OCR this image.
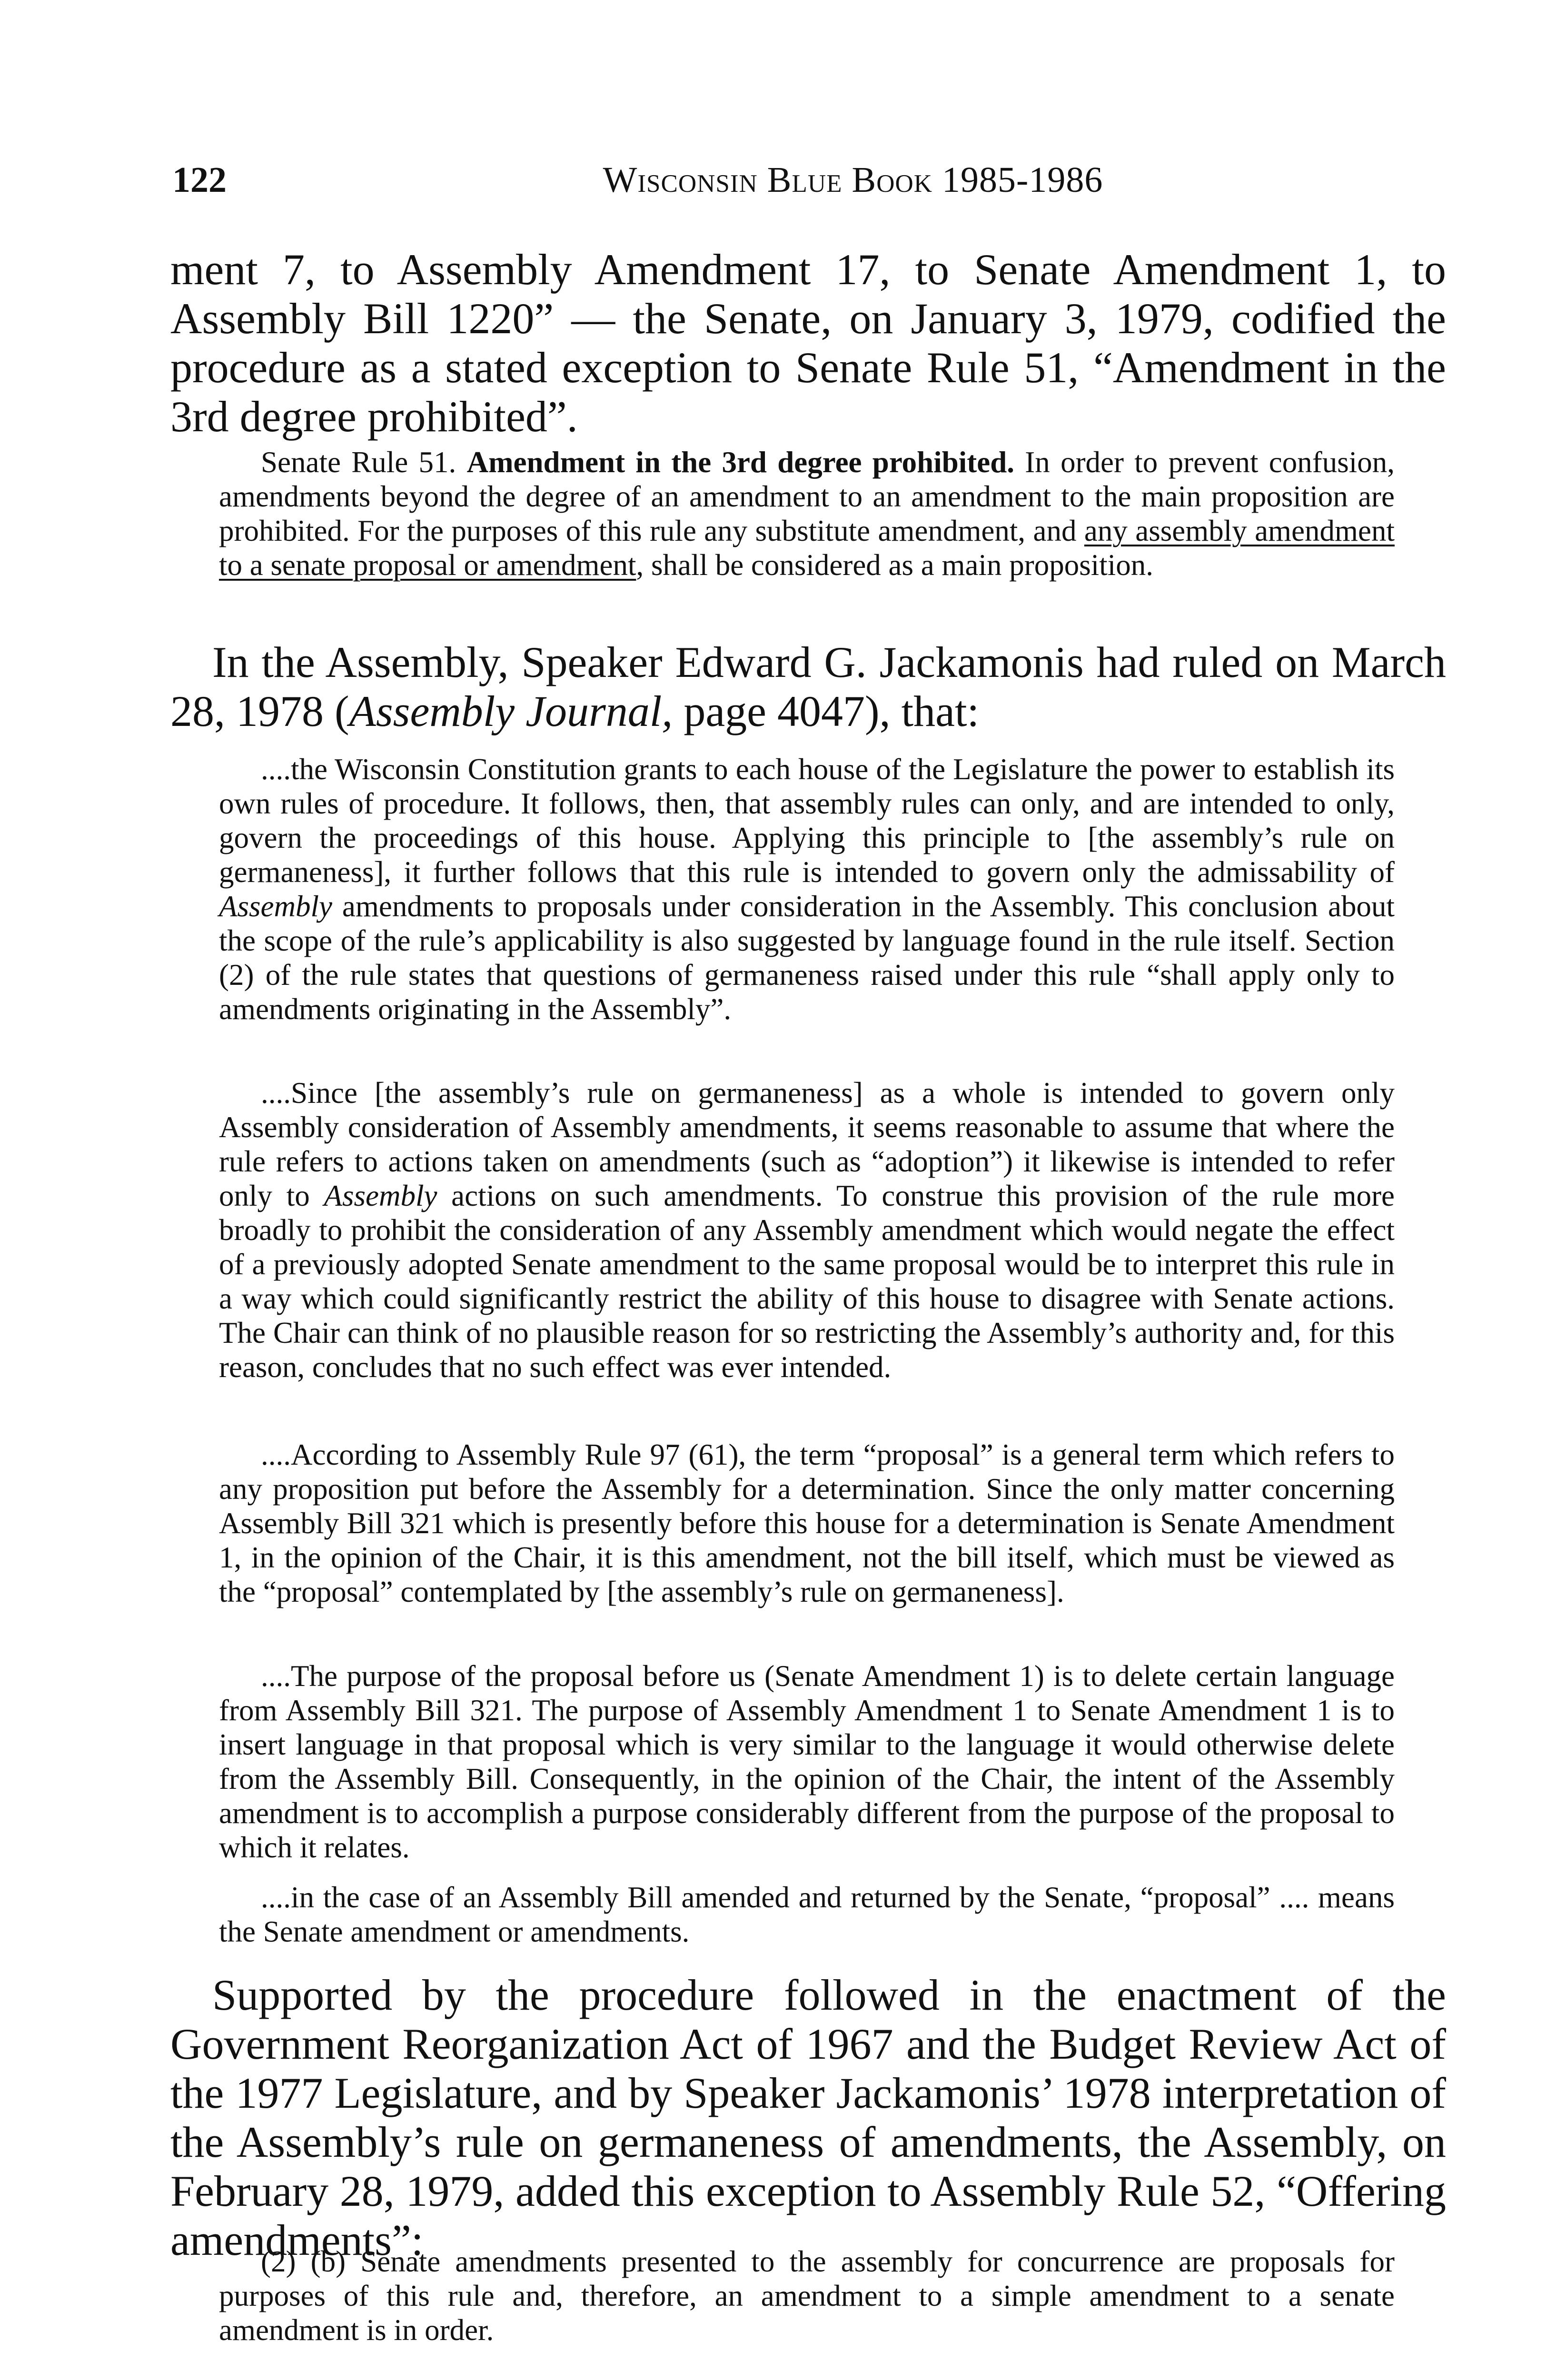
122	Wisconsin Blue Book 1985-1986

ment 7, to Assembly Amendment 17, to Senate Amendment 1, to Assembly Bill 1220” — the Senate, on January 3, 1979, codified the procedure as a stated exception to Senate Rule 51, “Amendment in the 3rd degree prohibited”.

Senate Rule 51. Amendment in the 3rd degree prohibited. In order to prevent confusion, amendments beyond the degree of an amendment to an amendment to the main proposition are prohibited. For the purposes of this rule any substitute amendment, and any assembly amendment to a senate proposal or amendment, shall be considered as a main proposition.

In the Assembly, Speaker Edward G. Jackamonis had ruled on March 28, 1978 (Assembly Journal, page 4047), that:

....the Wisconsin Constitution grants to each house of the Legislature the power to establish its own rules of procedure. It follows, then, that assembly rules can only, and are intended to only, govern the proceedings of this house. Applying this principle to [the assembly’s rule on germaneness], it further follows that this rule is intended to govern only the admissability of Assembly amendments to proposals under consideration in the Assembly. This conclusion about the scope of the rule’s applicability is also suggested by language found in the rule itself. Section (2) of the rule states that questions of germaneness raised under this rule “shall apply only to amendments originating in the Assembly”.

....Since [the assembly’s rule on germaneness] as a whole is intended to govern only Assembly consideration of Assembly amendments, it seems reasonable to assume that where the rule refers to actions taken on amendments (such as “adoption”) it likewise is intended to refer only to Assembly actions on such amendments. To construe this provision of the rule more broadly to prohibit the consideration of any Assembly amendment which would negate the effect of a previously adopted Senate amendment to the same proposal would be to interpret this rule in a way which could significantly restrict the ability of this house to disagree with Senate actions. The Chair can think of no plausible reason for so restricting the Assembly’s authority and, for this reason, concludes that no such effect was ever intended.

....According to Assembly Rule 97 (61), the term “proposal” is a general term which refers to any proposition put before the Assembly for a determination. Since the only matter concerning Assembly Bill 321 which is presently before this house for a determination is Senate Amendment 1, in the opinion of the Chair, it is this amendment, not the bill itself, which must be viewed as the “proposal” contemplated by [the assembly’s rule on germaneness].

....The purpose of the proposal before us (Senate Amendment 1) is to delete certain language from Assembly Bill 321. The purpose of Assembly Amendment 1 to Senate Amendment 1 is to insert language in that proposal which is very similar to the language it would otherwise delete from the Assembly Bill. Consequently, in the opinion of the Chair, the intent of the Assembly amendment is to accomplish a purpose considerably different from the purpose of the proposal to which it relates.

....in the case of an Assembly Bill amended and returned by the Senate, “proposal” .... means the Senate amendment or amendments.

Supported by the procedure followed in the enactment of the Government Reorganization Act of 1967 and the Budget Review Act of the 1977 Legislature, and by Speaker Jackamonis’ 1978 interpretation of the Assembly’s rule on germaneness of amendments, the Assembly, on February 28, 1979, added this exception to Assembly Rule 52, “Offering amendments”:

(2) (b) Senate amendments presented to the assembly for concurrence are proposals for purposes of this rule and, therefore, an amendment to a simple amendment to a senate amendment is in order.
